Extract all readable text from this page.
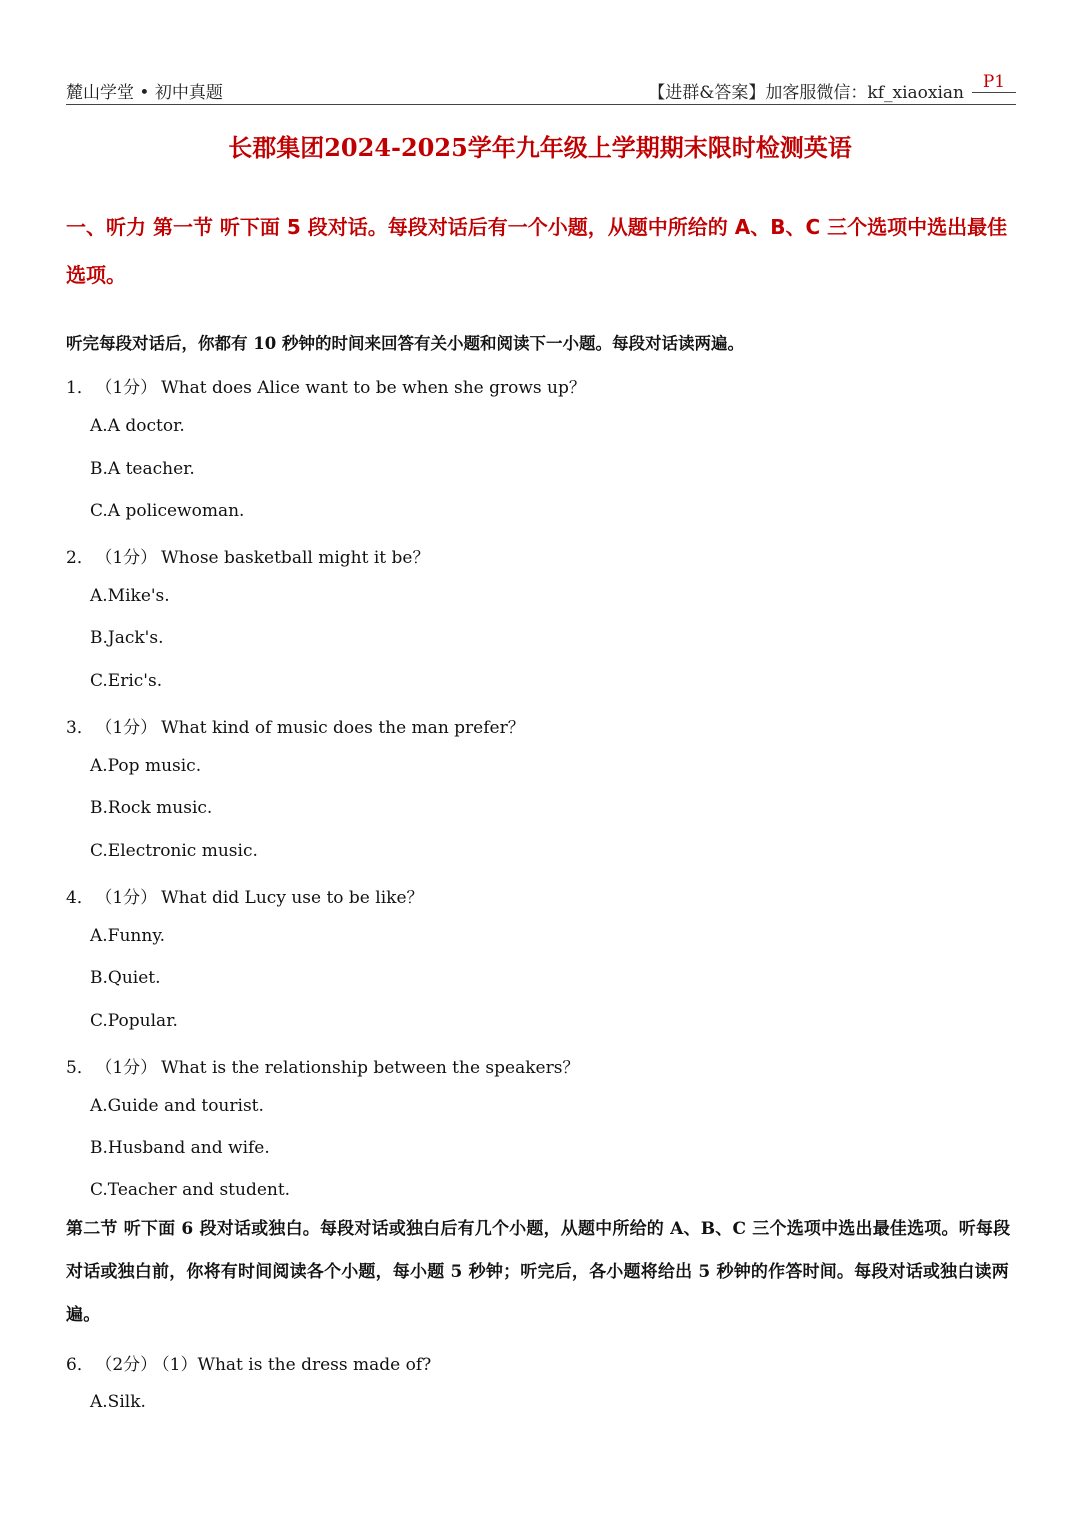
麓山学堂 • 初中真题	【进群&答案】加客服微信：kf_xiaoxian
P1
长郡集团2024-2025学年九年级上学期期末限时检测英语
一、听力 第一节 听下面 5 段对话。每段对话后有一个小题，从题中所给的 A、B、C 三个选项中选出最佳选项。
听完每段对话后，你都有 10 秒钟的时间来回答有关小题和阅读下一小题。每段对话读两遍。
1． （1分） What does Alice want to be when she grows up？
A.A doctor.
B.A teacher.
C.A policewoman.
2． （1分） Whose basketball might it be？
A.Mike's.
B.Jack's.
C.Eric's.
3． （1分） What kind of music does the man prefer？
A.Pop music.
B.Rock music.
C.Electronic music.
4． （1分） What did Lucy use to be like？
A.Funny.
B.Quiet.
C.Popular.
5． （1分） What is the relationship between the speakers？
A.Guide and tourist.
B.Husband and wife.
C.Teacher and student.
第二节 听下面 6 段对话或独白。每段对话或独白后有几个小题，从题中所给的 A、B、C 三个选项中选出最佳选项。听每段对话或独白前，你将有时间阅读各个小题，每小题 5 秒钟；听完后，各小题将给出 5 秒钟的作答时间。每段对话或独白读两遍。
6． （2分） （1）What is the dress made of?
A.Silk.
